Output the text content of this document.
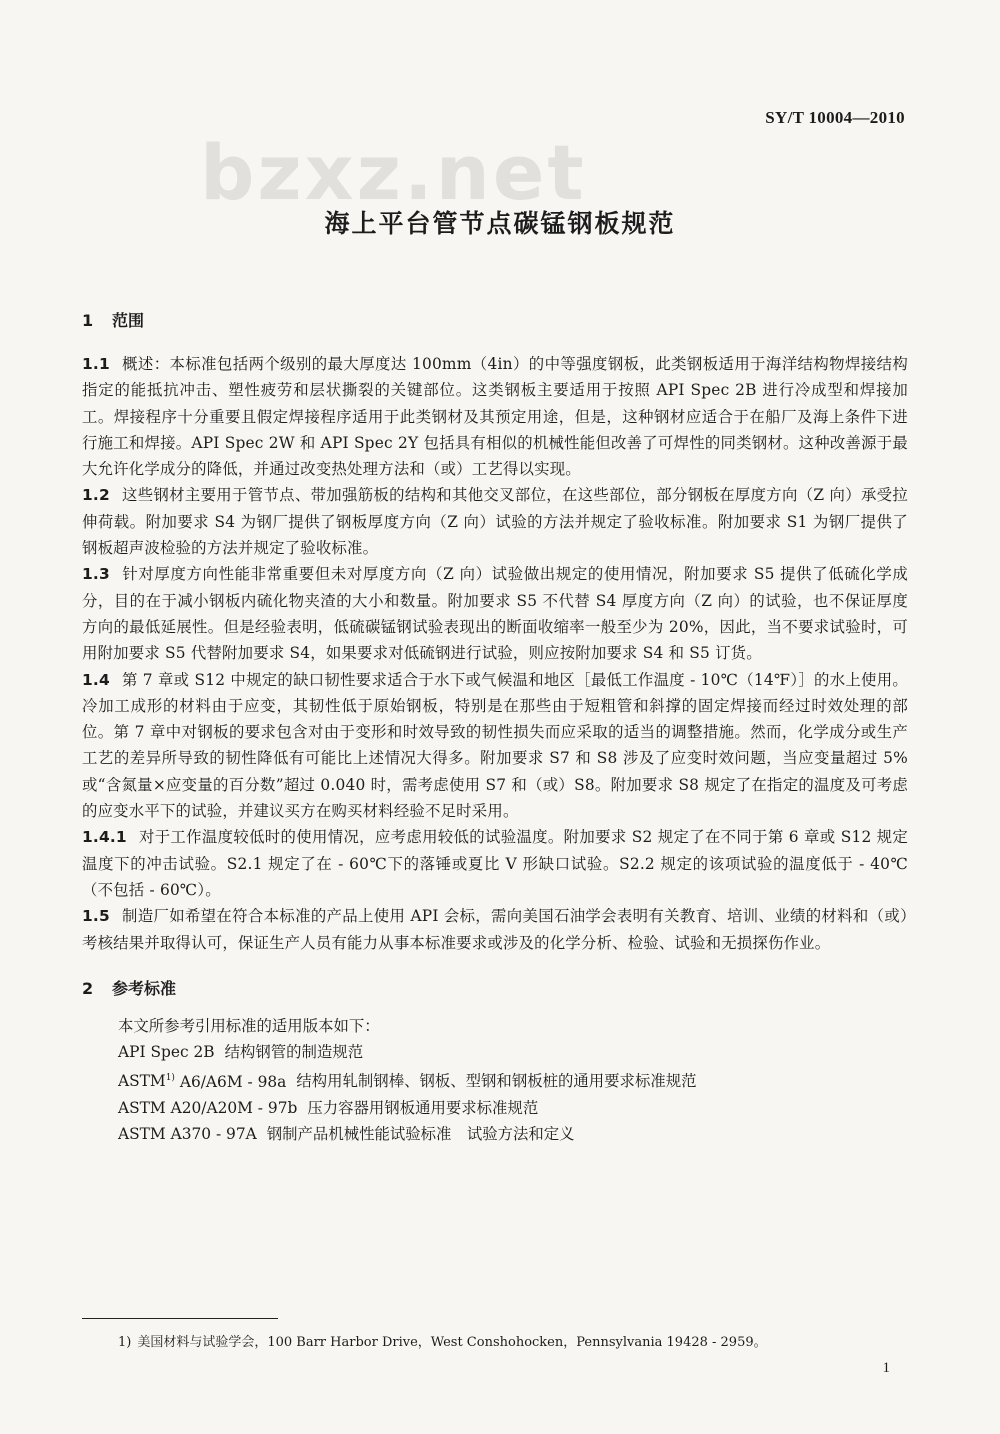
SY/T 10004—2010
bzxz.net
海上平台管节点碳锰钢板规范
1 范围

1.1 概述：本标准包括两个级别的最大厚度达 100mm（4in）的中等强度钢板，此类钢板适用于海洋结构物焊接结构指定的能抵抗冲击、塑性疲劳和层状撕裂的关键部位。这类钢板主要适用于按照 API Spec 2B 进行冷成型和焊接加工。焊接程序十分重要且假定焊接程序适用于此类钢材及其预定用途，但是，这种钢材应适合于在船厂及海上条件下进行施工和焊接。API Spec 2W 和 API Spec 2Y 包括具有相似的机械性能但改善了可焊性的同类钢材。这种改善源于最大允许化学成分的降低，并通过改变热处理方法和（或）工艺得以实现。

1.2 这些钢材主要用于管节点、带加强筋板的结构和其他交叉部位，在这些部位，部分钢板在厚度方向（Z 向）承受拉伸荷载。附加要求 S4 为钢厂提供了钢板厚度方向（Z 向）试验的方法并规定了验收标准。附加要求 S1 为钢厂提供了钢板超声波检验的方法并规定了验收标准。

1.3 针对厚度方向性能非常重要但未对厚度方向（Z 向）试验做出规定的使用情况，附加要求 S5 提供了低硫化学成分，目的在于减小钢板内硫化物夹渣的大小和数量。附加要求 S5 不代替 S4 厚度方向（Z 向）的试验，也不保证厚度方向的最低延展性。但是经验表明，低硫碳锰钢试验表现出的断面收缩率一般至少为 20%，因此，当不要求试验时，可用附加要求 S5 代替附加要求 S4，如果要求对低硫钢进行试验，则应按附加要求 S4 和 S5 订货。

1.4 第 7 章或 S12 中规定的缺口韧性要求适合于水下或气候温和地区［最低工作温度 - 10℃（14℉）］的水上使用。冷加工成形的材料由于应变，其韧性低于原始钢板，特别是在那些由于短粗管和斜撑的固定焊接而经过时效处理的部位。第 7 章中对钢板的要求包含对由于变形和时效导致的韧性损失而应采取的适当的调整措施。然而，化学成分或生产工艺的差异所导致的韧性降低有可能比上述情况大得多。附加要求 S7 和 S8 涉及了应变时效问题，当应变量超过 5%或“含氮量×应变量的百分数”超过 0.040 时，需考虑使用 S7 和（或）S8。附加要求 S8 规定了在指定的温度及可考虑的应变水平下的试验，并建议买方在购买材料经验不足时采用。

1.4.1 对于工作温度较低时的使用情况，应考虑用较低的试验温度。附加要求 S2 规定了在不同于第 6 章或 S12 规定温度下的冲击试验。S2.1 规定了在 - 60℃下的落锤或夏比 V 形缺口试验。S2.2 规定的该项试验的温度低于 - 40℃（不包括 - 60℃）。

1.5 制造厂如希望在符合本标准的产品上使用 API 会标，需向美国石油学会表明有关教育、培训、业绩的材料和（或）考核结果并取得认可，保证生产人员有能力从事本标准要求或涉及的化学分析、检验、试验和无损探伤作业。

2 参考标准

本文所参考引用标准的适用版本如下：

API Spec 2B 结构钢管的制造规范

ASTM$^{1)}$ A6/A6M - 98a 结构用轧制钢棒、钢板、型钢和钢板桩的通用要求标准规范

ASTM A20/A20M - 97b 压力容器用钢板通用要求标准规范

ASTM A370 - 97A 钢制产品机械性能试验标准　试验方法和定义

1) 美国材料与试验学会，100 Barr Harbor Drive，West Conshohocken，Pennsylvania 19428 - 2959。
1
